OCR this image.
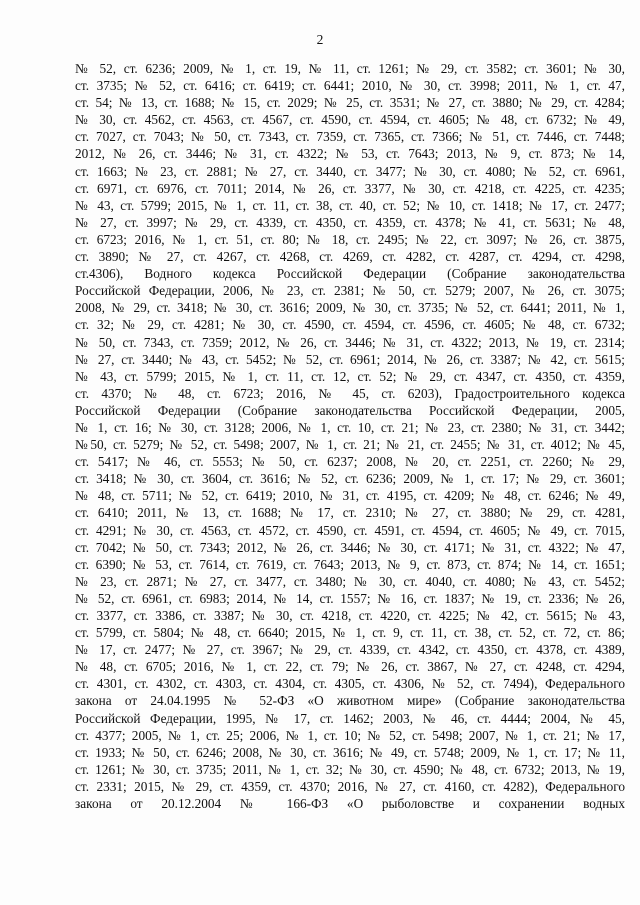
2
№ 52, ст. 6236; 2009, № 1, ст. 19, № 11, ст. 1261; № 29, ст. 3582; ст. 3601; № 30,
ст. 3735; № 52, ст. 6416; ст. 6419; ст. 6441; 2010, № 30, ст. 3998; 2011, № 1, ст. 47,
ст. 54; № 13, ст. 1688; № 15, ст. 2029; № 25, ст. 3531; № 27, ст. 3880; № 29, ст. 4284;
№ 30, ст. 4562, ст. 4563, ст. 4567, ст. 4590, ст. 4594, ст. 4605; № 48, ст. 6732; № 49,
ст. 7027, ст. 7043; № 50, ст. 7343, ст. 7359, ст. 7365, ст. 7366; № 51, ст. 7446, ст. 7448;
2012, № 26, ст. 3446; № 31, ст. 4322; № 53, ст. 7643; 2013, № 9, ст. 873; № 14,
ст. 1663; № 23, ст. 2881; № 27, ст. 3440, ст. 3477; № 30, ст. 4080; № 52, ст. 6961,
ст. 6971, ст. 6976, ст. 7011; 2014, № 26, ст. 3377, № 30, ст. 4218, ст. 4225, ст. 4235;
№ 43, ст. 5799; 2015, № 1, ст. 11, ст. 38, ст. 40, ст. 52; № 10, ст. 1418; № 17, ст. 2477;
№ 27, ст. 3997; № 29, ст. 4339, ст. 4350, ст. 4359, ст. 4378; № 41, ст. 5631; № 48,
ст. 6723; 2016, № 1, ст. 51, ст. 80; № 18, ст. 2495; № 22, ст. 3097; № 26, ст. 3875,
ст. 3890; № 27, ст. 4267, ст. 4268, ст. 4269, ст. 4282, ст. 4287, ст. 4294, ст. 4298,
ст.4306), Водного кодекса Российской Федерации (Собрание законодательства
Российской Федерации, 2006, № 23, ст. 2381; № 50, ст. 5279; 2007, № 26, ст. 3075;
2008, № 29, ст. 3418; № 30, ст. 3616; 2009, № 30, ст. 3735; № 52, ст. 6441; 2011, № 1,
ст. 32; № 29, ст. 4281; № 30, ст. 4590, ст. 4594, ст. 4596, ст. 4605; № 48, ст. 6732;
№ 50, ст. 7343, ст. 7359; 2012, № 26, ст. 3446; № 31, ст. 4322; 2013, № 19, ст. 2314;
№ 27, ст. 3440; № 43, ст. 5452; № 52, ст. 6961; 2014, № 26, ст. 3387; № 42, ст. 5615;
№ 43, ст. 5799; 2015, № 1, ст. 11, ст. 12, ст. 52; № 29, ст. 4347, ст. 4350, ст. 4359,
ст. 4370; № 48, ст. 6723; 2016, № 45, ст. 6203), Градостроительного кодекса
Российской Федерации (Собрание законодательства Российской Федерации, 2005,
№ 1, ст. 16; № 30, ст. 3128; 2006, № 1, ст. 10, ст. 21; № 23, ст. 2380; № 31, ст. 3442;
№50, ст. 5279; № 52, ст. 5498; 2007, № 1, ст. 21; № 21, ст. 2455; № 31, ст. 4012; № 45,
ст. 5417; № 46, ст. 5553; № 50, ст. 6237; 2008, № 20, ст. 2251, ст. 2260; № 29,
ст. 3418; № 30, ст. 3604, ст. 3616; № 52, ст. 6236; 2009, № 1, ст. 17; № 29, ст. 3601;
№ 48, ст. 5711; № 52, ст. 6419; 2010, № 31, ст. 4195, ст. 4209; № 48, ст. 6246; № 49,
ст. 6410; 2011, № 13, ст. 1688; № 17, ст. 2310; № 27, ст. 3880; № 29, ст. 4281,
ст. 4291; № 30, ст. 4563, ст. 4572, ст. 4590, ст. 4591, ст. 4594, ст. 4605; № 49, ст. 7015,
ст. 7042; № 50, ст. 7343; 2012, № 26, ст. 3446; № 30, ст. 4171; № 31, ст. 4322; № 47,
ст. 6390; № 53, ст. 7614, ст. 7619, ст. 7643; 2013, № 9, ст. 873, ст. 874; № 14, ст. 1651;
№ 23, ст. 2871; № 27, ст. 3477, ст. 3480; № 30, ст. 4040, ст. 4080; № 43, ст. 5452;
№ 52, ст. 6961, ст. 6983; 2014, № 14, ст. 1557; № 16, ст. 1837; № 19, ст. 2336; № 26,
ст. 3377, ст. 3386, ст. 3387; № 30, ст. 4218, ст. 4220, ст. 4225; № 42, ст. 5615; № 43,
ст. 5799, ст. 5804; № 48, ст. 6640; 2015, № 1, ст. 9, ст. 11, ст. 38, ст. 52, ст. 72, ст. 86;
№ 17, ст. 2477; № 27, ст. 3967; № 29, ст. 4339, ст. 4342, ст. 4350, ст. 4378, ст. 4389,
№ 48, ст. 6705; 2016, № 1, ст. 22, ст. 79; № 26, ст. 3867, № 27, ст. 4248, ст. 4294,
ст. 4301, ст. 4302, ст. 4303, ст. 4304, ст. 4305, ст. 4306, № 52, ст. 7494), Федерального
закона от 24.04.1995 № 52-ФЗ «О животном мире» (Собрание законодательства
Российской Федерации, 1995, № 17, ст. 1462; 2003, № 46, ст. 4444; 2004, № 45,
ст. 4377; 2005, № 1, ст. 25; 2006, № 1, ст. 10; № 52, ст. 5498; 2007, № 1, ст. 21; № 17,
ст. 1933; № 50, ст. 6246; 2008, № 30, ст. 3616; № 49, ст. 5748; 2009, № 1, ст. 17; № 11,
ст. 1261; № 30, ст. 3735; 2011, № 1, ст. 32; № 30, ст. 4590; № 48, ст. 6732; 2013, № 19,
ст. 2331; 2015, № 29, ст. 4359, ст. 4370; 2016, № 27, ст. 4160, ст. 4282), Федерального
закона от 20.12.2004 № 166-ФЗ «О рыболовстве и сохранении водных
